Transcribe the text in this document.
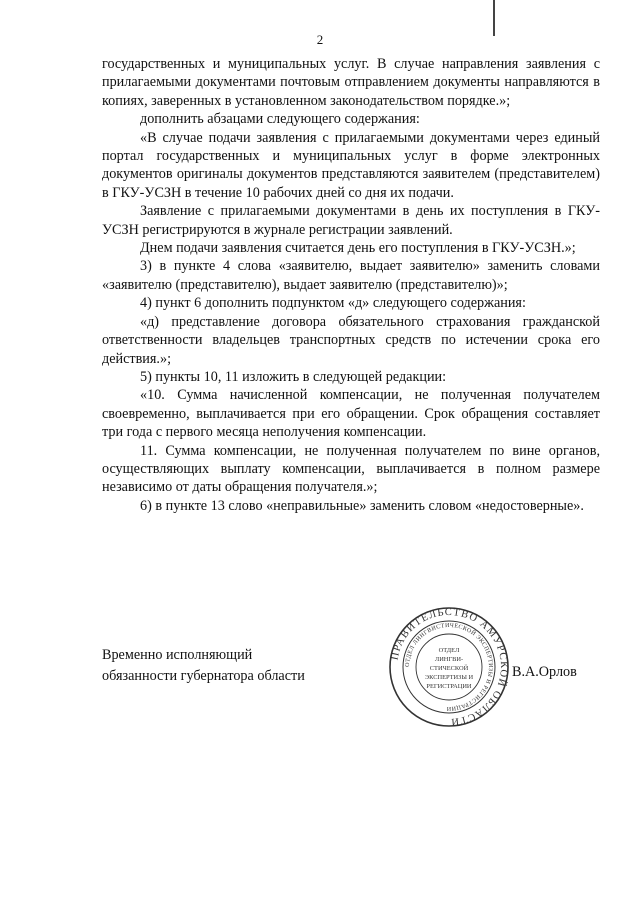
2

государственных и муниципальных услуг. В случае направления заявления с прилагаемыми документами почтовым отправлением документы направляются в копиях, заверенных в установленном законодательством порядке.»;

дополнить абзацами следующего содержания:

«В случае подачи заявления с прилагаемыми документами через единый портал государственных и муниципальных услуг в форме электронных документов оригиналы документов представляются заявителем (представителем) в ГКУ-УСЗН в течение 10 рабочих дней со дня их подачи.

Заявление с прилагаемыми документами в день их поступления в ГКУ-УСЗН регистрируются в журнале регистрации заявлений.

Днем подачи заявления считается день его поступления в ГКУ-УСЗН.»;

3) в пункте 4 слова «заявителю, выдает заявителю» заменить словами «заявителю (представителю), выдает заявителю (представителю)»;

4) пункт 6 дополнить подпунктом «д» следующего содержания:

«д) представление договора обязательного страхования гражданской ответственности владельцев транспортных средств по истечении срока его действия.»;

5) пункты 10, 11 изложить в следующей редакции:

«10. Сумма начисленной компенсации, не полученная получателем своевременно, выплачивается при его обращении. Срок обращения составляет три года с первого месяца неполучения компенсации.

11. Сумма компенсации, не полученная получателем по вине органов, осуществляющих выплату компенсации, выплачивается в полном размере независимо от даты обращения получателя.»;

6) в пункте 13 слово «неправильные» заменить словом «недостоверные».

Временно исполняющий
обязанности губернатора области
ПРАВИТЕЛЬСТВО АМУРСКОЙ ОБЛАСТИ
ОТДЕЛ ЛИНГВИСТИЧЕСКОЙ ЭКСПЕРТИЗЫ И РЕГИСТРАЦИИ
ОТДЕЛ
ЛИНГВИ-
СТИЧЕСКОЙ
ЭКСПЕРТИЗЫ И
РЕГИСТРАЦИИ
В.А.Орлов
